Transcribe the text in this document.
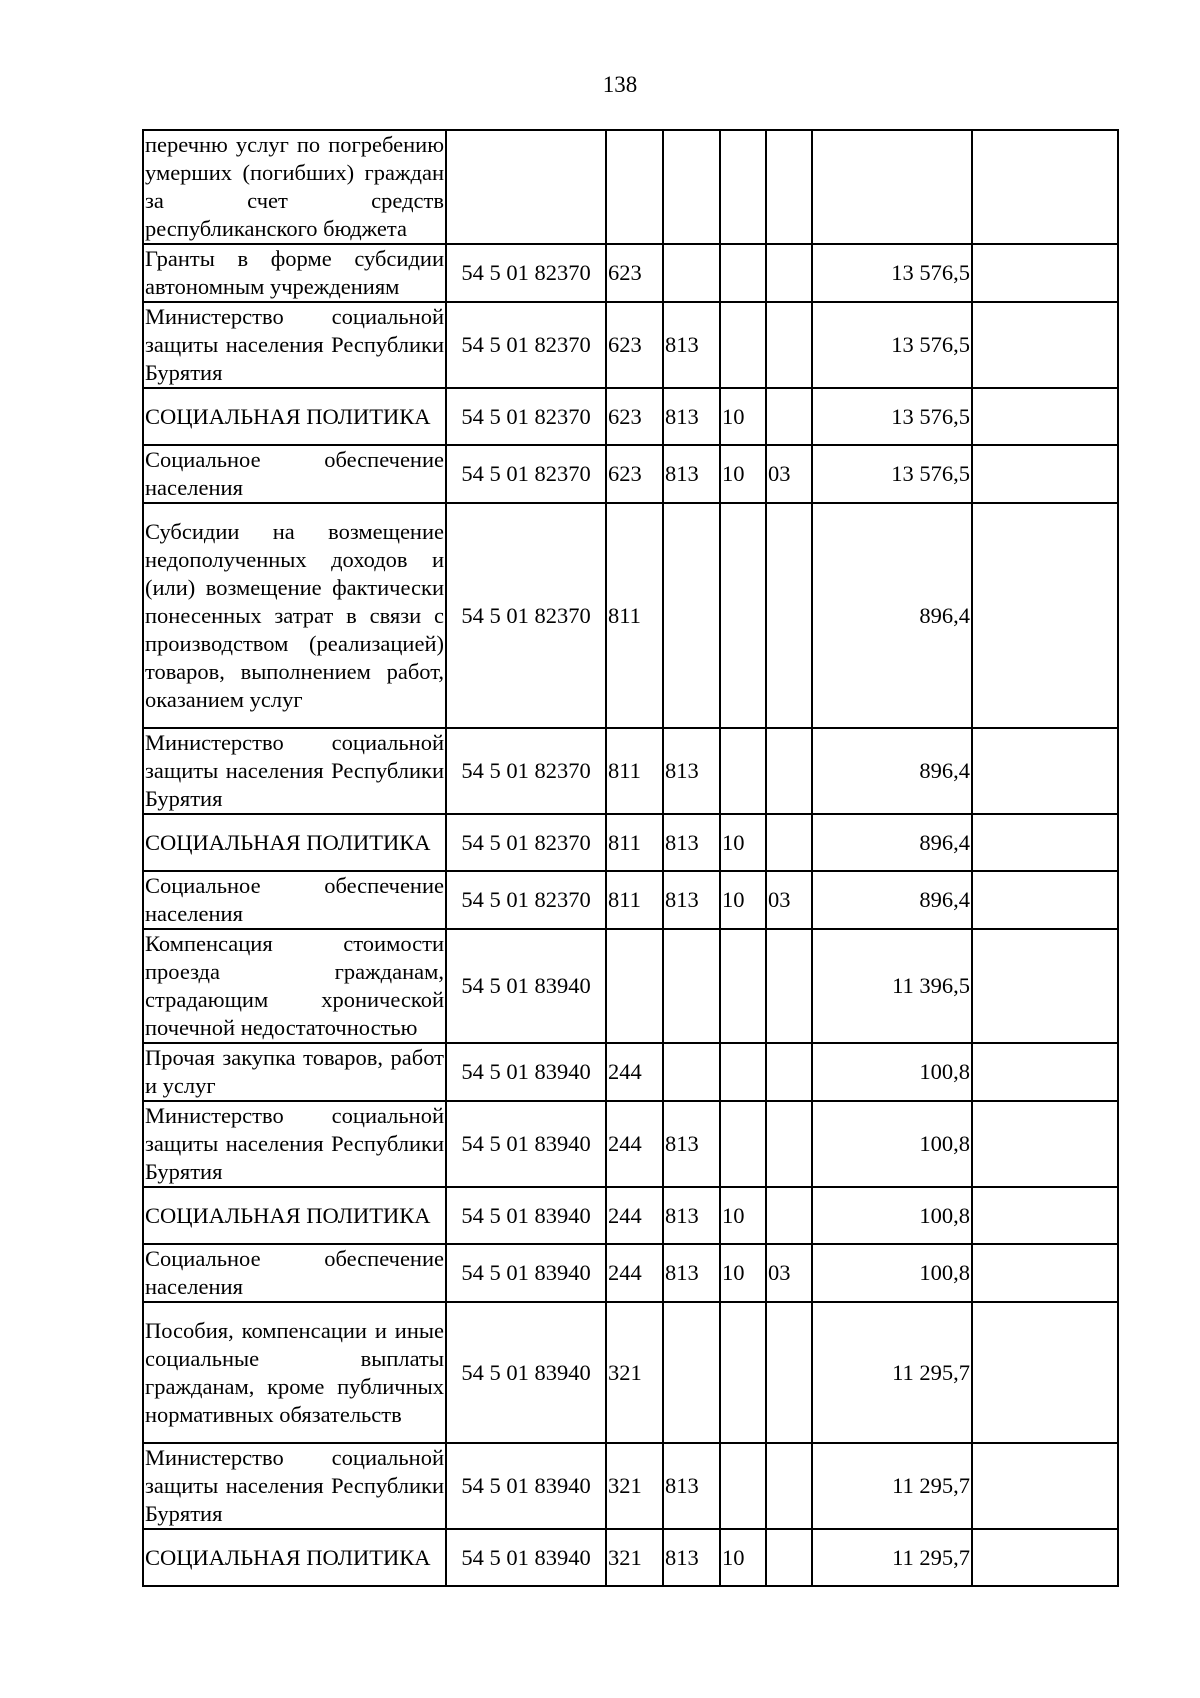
138
перечню услуг по погребению умерших (погибших) граждан за счет средств республиканского бюджета							
Гранты в форме субсидии автономным учреждениям	54 5 01 82370	623				13 576,5	
Министерство социальной защиты населения Республики Бурятия	54 5 01 82370	623	813			13 576,5	
СОЦИАЛЬНАЯ ПОЛИТИКА	54 5 01 82370	623	813	10		13 576,5	
Социальное обеспечение населения	54 5 01 82370	623	813	10	03	13 576,5	
Субсидии на возмещение недополученных доходов и (или) возмещение фактически понесенных затрат в связи с производством (реализацией) товаров, выполнением работ, оказанием услуг	54 5 01 82370	811				896,4	
Министерство социальной защиты населения Республики Бурятия	54 5 01 82370	811	813			896,4	
СОЦИАЛЬНАЯ ПОЛИТИКА	54 5 01 82370	811	813	10		896,4	
Социальное обеспечение населения	54 5 01 82370	811	813	10	03	896,4	
Компенсация стоимости проезда гражданам, страдающим хронической почечной недостаточностью	54 5 01 83940					11 396,5	
Прочая закупка товаров, работ и услуг	54 5 01 83940	244				100,8	
Министерство социальной защиты населения Республики Бурятия	54 5 01 83940	244	813			100,8	
СОЦИАЛЬНАЯ ПОЛИТИКА	54 5 01 83940	244	813	10		100,8	
Социальное обеспечение населения	54 5 01 83940	244	813	10	03	100,8	
Пособия, компенсации и иные социальные выплаты гражданам, кроме публичных нормативных обязательств	54 5 01 83940	321				11 295,7	
Министерство социальной защиты населения Республики Бурятия	54 5 01 83940	321	813			11 295,7	
СОЦИАЛЬНАЯ ПОЛИТИКА	54 5 01 83940	321	813	10		11 295,7	
